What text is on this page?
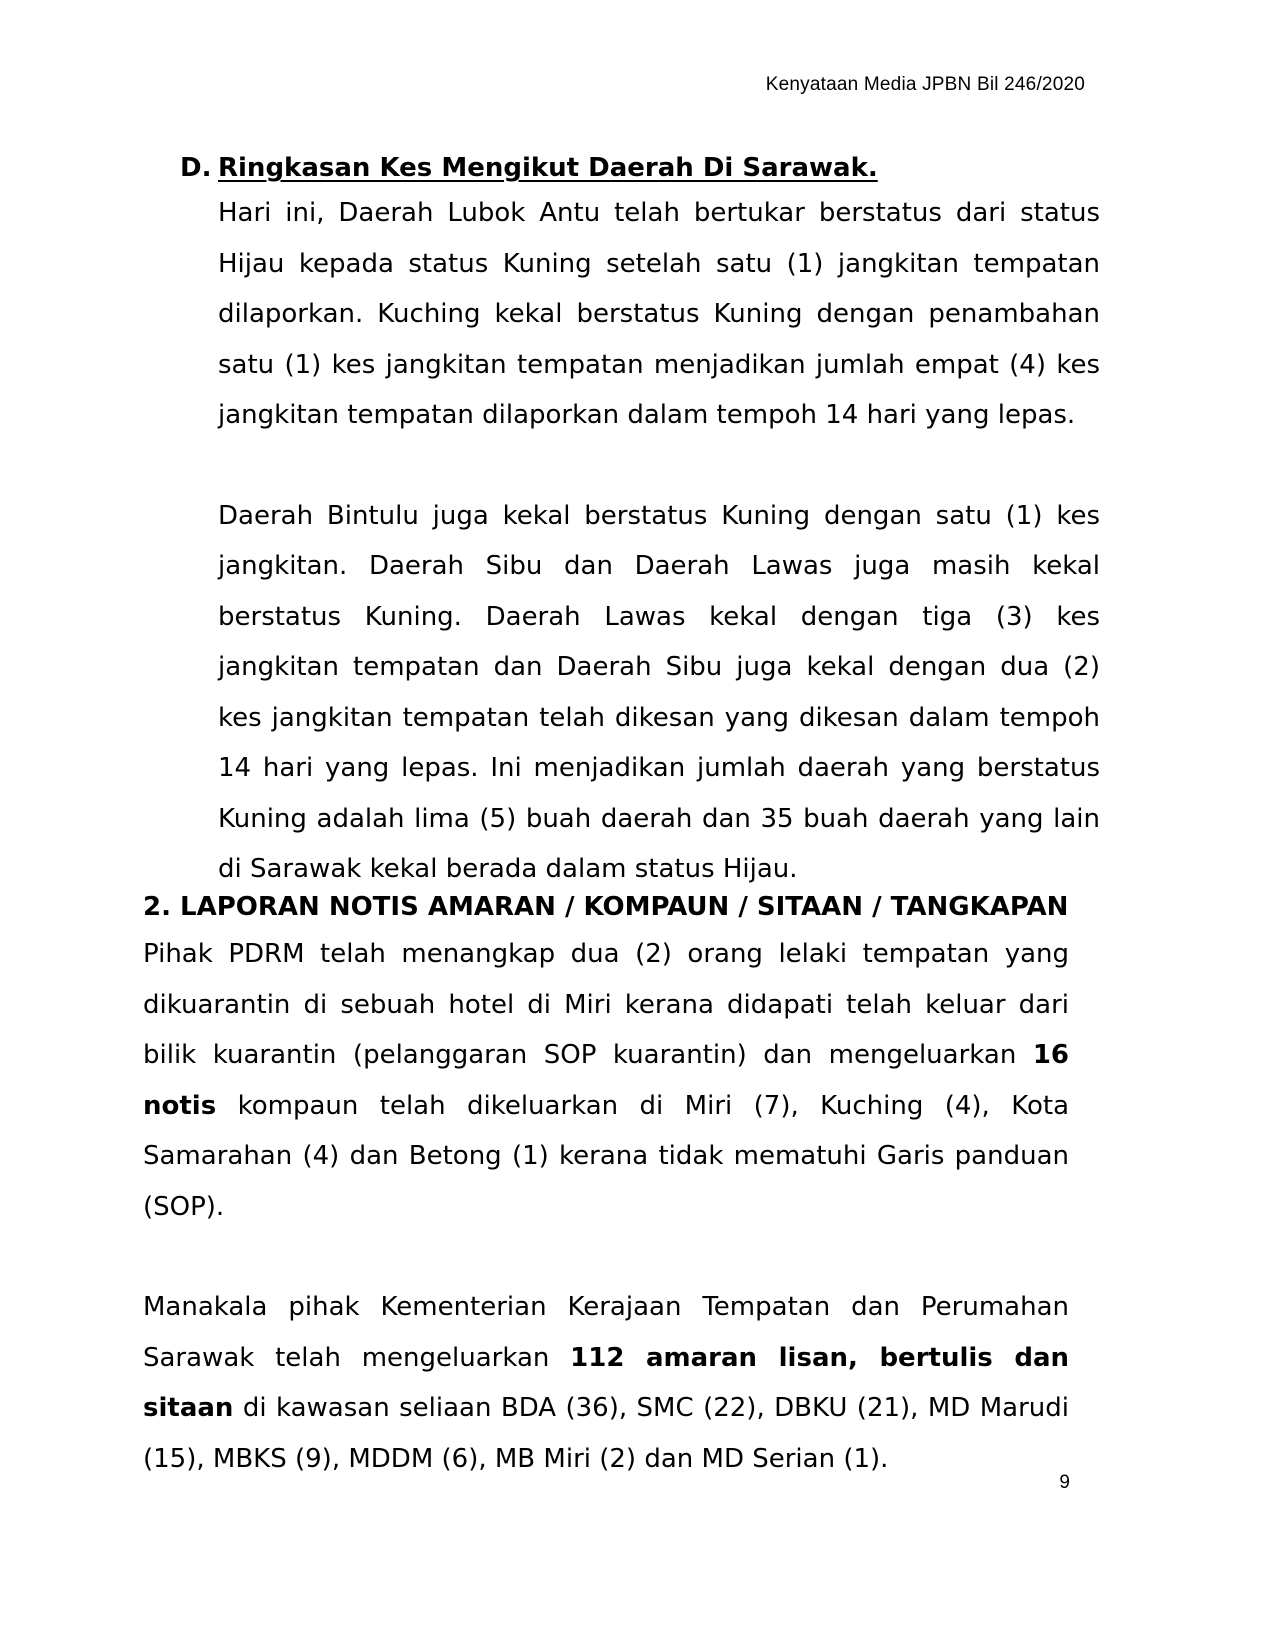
Kenyataan Media JPBN Bil 246/2020
D. Ringkasan Kes Mengikut Daerah Di Sarawak.

Hari ini, Daerah Lubok Antu telah bertukar berstatus dari status Hijau kepada status Kuning setelah satu (1) jangkitan tempatan dilaporkan. Kuching kekal berstatus Kuning dengan penambahan satu (1) kes jangkitan tempatan menjadikan jumlah empat (4) kes jangkitan tempatan dilaporkan dalam tempoh 14 hari yang lepas.

Daerah Bintulu juga kekal berstatus Kuning dengan satu (1) kes jangkitan. Daerah Sibu dan Daerah Lawas juga masih kekal berstatus Kuning. Daerah Lawas kekal dengan tiga (3) kes jangkitan tempatan dan Daerah Sibu juga kekal dengan dua (2) kes jangkitan tempatan telah dikesan yang dikesan dalam tempoh 14 hari yang lepas. Ini menjadikan jumlah daerah yang berstatus Kuning adalah lima (5) buah daerah dan 35 buah daerah yang lain di Sarawak kekal berada dalam status Hijau.

2. LAPORAN NOTIS AMARAN / KOMPAUN / SITAAN / TANGKAPAN

Pihak PDRM telah menangkap dua (2) orang lelaki tempatan yang dikuarantin di sebuah hotel di Miri kerana didapati telah keluar dari bilik kuarantin (pelanggaran SOP kuarantin) dan mengeluarkan 16 notis kompaun telah dikeluarkan di Miri (7), Kuching (4), Kota Samarahan (4) dan Betong (1) kerana tidak mematuhi Garis panduan (SOP).

Manakala pihak Kementerian Kerajaan Tempatan dan Perumahan Sarawak telah mengeluarkan 112 amaran lisan, bertulis dan sitaan di kawasan seliaan BDA (36), SMC (22), DBKU (21), MD Marudi (15), MBKS (9), MDDM (6), MB Miri (2) dan MD Serian (1).

9
